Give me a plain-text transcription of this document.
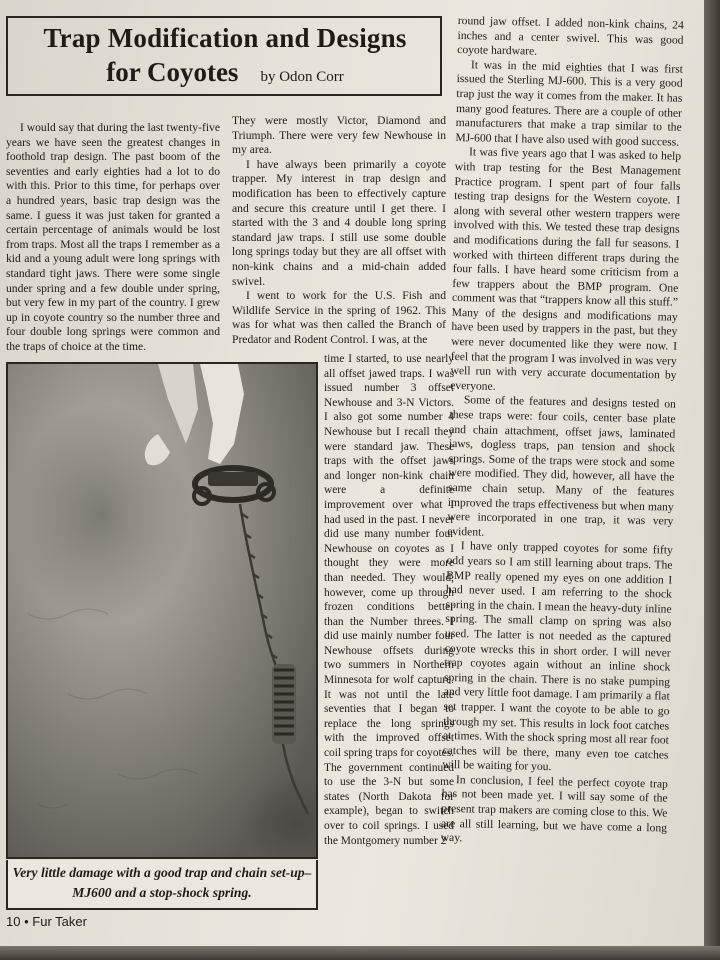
Trap Modification and Designs
for Coyotes by Odon Corr

I would say that during the last twenty-five years we have seen the greatest changes in foothold trap design. The past boom of the seventies and early eighties had a lot to do with this. Prior to this time, for perhaps over a hundred years, basic trap design was the same. I guess it was just taken for granted a certain percentage of animals would be lost from traps. Most all the traps I remember as a kid and a young adult were long springs with standard tight jaws. There were some single under spring and a few double under spring, but very few in my part of the country. I grew up in coyote country so the number three and four double long springs were common and the traps of choice at the time.

They were mostly Victor, Diamond and Triumph. There were very few Newhouse in my area.

I have always been primarily a coyote trapper. My interest in trap design and modification has been to effectively capture and secure this creature until I get there. I started with the 3 and 4 double long spring standard jaw traps. I still use some double long springs today but they are all offset with non-kink chains and a mid-chain added swivel.

I went to work for the U.S. Fish and Wildlife Service in the spring of 1962. This was for what was then called the Branch of Predator and Rodent Control. I was, at the

time I started, to use nearly all offset jawed traps. I was issued number 3 offset Newhouse and 3-N Victors. I also got some number 4 Newhouse but I recall they were standard jaw. These traps with the offset jaws and longer non-kink chain were a definite improvement over what I had used in the past. I never did use many number four Newhouse on coyotes as I thought they were more than needed. They would, however, come up through frozen conditions better than the Number threes. I did use mainly number four Newhouse offsets during two summers in Northern Minnesota for wolf capture. It was not until the late seventies that I began to replace the long springs with the improved offset coil spring traps for coyotes. The government continued to use the 3-N but some states (North Dakota for example), began to switch over to coil springs. I used the Montgomery number 2

round jaw offset. I added non-kink chains, 24 inches and a center swivel. This was good coyote hardware.

It was in the mid eighties that I was first issued the Sterling MJ-600. This is a very good trap just the way it comes from the maker. It has many good features. There are a couple of other manufacturers that make a trap similar to the MJ-600 that I have also used with good success.

It was five years ago that I was asked to help with trap testing for the Best Management Practice program. I spent part of four falls testing trap designs for the Western coyote. I along with several other western trappers were involved with this. We tested these trap designs and modifications during the fall fur seasons. I worked with thirteen different traps during the four falls. I have heard some criticism from a few trappers about the BMP program. One comment was that “trappers know all this stuff.” Many of the designs and modifications may have been used by trappers in the past, but they were never documented like they were now. I feel that the program I was involved in was very well run with very accurate documentation by everyone.

Some of the features and designs tested on these traps were: four coils, center base plate and chain attachment, offset jaws, laminated jaws, dogless traps, pan tension and shock springs. Some of the traps were stock and some were modified. They did, however, all have the same chain setup. Many of the features improved the traps effectiveness but when many were incorporated in one trap, it was very evident.

I have only trapped coyotes for some fifty odd years so I am still learning about traps. The BMP really opened my eyes on one addition I had never used. I am referring to the shock spring in the chain. I mean the heavy-duty inline spring. The small clamp on spring was also used. The latter is not needed as the captured coyote wrecks this in short order. I will never trap coyotes again without an inline shock spring in the chain. There is no stake pumping and very little foot damage. I am primarily a flat set trapper. I want the coyote to be able to go through my set. This results in lock foot catches at times. With the shock spring most all rear foot catches will be there, many even toe catches will be waiting for you.

In conclusion, I feel the perfect coyote trap has not been made yet. I will say some of the present trap makers are coming close to this. We are all still learning, but we have come a long way.

Very little damage with a good trap and chain set-up–MJ600 and a stop-shock spring.
10 • Fur Taker
